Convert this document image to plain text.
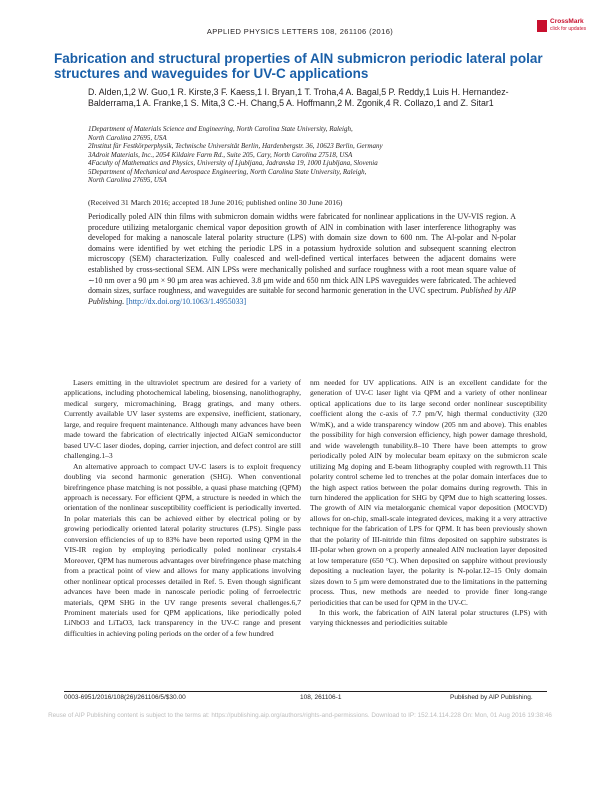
APPLIED PHYSICS LETTERS 108, 261106 (2016)
CrossMark
click for updates
Fabrication and structural properties of AlN submicron periodic lateral polar structures and waveguides for UV-C applications
D. Alden,1,2 W. Guo,1 R. Kirste,3 F. Kaess,1 I. Bryan,1 T. Troha,4 A. Bagal,5 P. Reddy,1 Luis H. Hernandez-Balderrama,1 A. Franke,1 S. Mita,3 C.-H. Chang,5 A. Hoffmann,2 M. Zgonik,4 R. Collazo,1 and Z. Sitar1
1Department of Materials Science and Engineering, North Carolina State University, Raleigh,
North Carolina 27695, USA
2Institut für Festkörperphysik, Technische Universität Berlin, Hardenbergstr. 36, 10623 Berlin, Germany
3Adroit Materials, Inc., 2054 Kildaire Farm Rd., Suite 205, Cary, North Carolina 27518, USA
4Faculty of Mathematics and Physics, University of Ljubljana, Jadranska 19, 1000 Ljubljana, Slovenia
5Department of Mechanical and Aerospace Engineering, North Carolina State University, Raleigh,
North Carolina 27695, USA
(Received 31 March 2016; accepted 18 June 2016; published online 30 June 2016)
Periodically poled AlN thin films with submicron domain widths were fabricated for nonlinear applications in the UV-VIS region. A procedure utilizing metalorganic chemical vapor deposition growth of AlN in combination with laser interference lithography was developed for making a nanoscale lateral polarity structure (LPS) with domain size down to 600 nm. The Al-polar and N-polar domains were identified by wet etching the periodic LPS in a potassium hydroxide solution and subsequent scanning electron microscopy (SEM) characterization. Fully coalesced and well-defined vertical interfaces between the adjacent domains were established by cross-sectional SEM. AlN LPSs were mechanically polished and surface roughness with a root mean square value of ∼10 nm over a 90 μm × 90 μm area was achieved. 3.8 μm wide and 650 nm thick AlN LPS waveguides were fabricated. The achieved domain sizes, surface roughness, and waveguides are suitable for second harmonic generation in the UVC spectrum. Published by AIP Publishing. [http://dx.doi.org/10.1063/1.4955033]

Lasers emitting in the ultraviolet spectrum are desired for a variety of applications, including photochemical labeling, biosensing, nanolithography, medical surgery, micromachining, Bragg gratings, and many others. Currently available UV laser systems are expensive, inefficient, stationary, large, and require frequent maintenance. Although many advances have been made toward the fabrication of electrically injected AlGaN semiconductor based UV-C laser diodes, doping, carrier injection, and defect control are still challenging.1–3

An alternative approach to compact UV-C lasers is to exploit frequency doubling via second harmonic generation (SHG). When conventional birefringence phase matching is not possible, a quasi phase matching (QPM) approach is necessary. For efficient QPM, a structure is needed in which the orientation of the nonlinear susceptibility coefficient is periodically inverted. In polar materials this can be achieved either by electrical poling or by growing periodically oriented lateral polarity structures (LPS). Single pass conversion efficiencies of up to 83% have been reported using QPM in the VIS-IR region by employing periodically poled nonlinear crystals.4 Moreover, QPM has numerous advantages over birefringence phase matching from a practical point of view and allows for many applications involving other nonlinear optical processes detailed in Ref. 5. Even though significant advances have been made in nanoscale periodic poling of ferroelectric materials, QPM SHG in the UV range presents several challenges.6,7 Prominent materials used for QPM applications, like periodically poled LiNbO3 and LiTaO3, lack transparency in the UV-C range and present difficulties in achieving poling periods on the order of a few hundred

nm needed for UV applications. AlN is an excellent candidate for the generation of UV-C laser light via QPM and a variety of other nonlinear optical applications due to its large second order nonlinear susceptibility coefficient along the c-axis of 7.7 pm/V, high thermal conductivity (320 W/mK), and a wide transparency window (205 nm and above). This enables the possibility for high conversion efficiency, high power damage threshold, and wide wavelength tunability.8–10 There have been attempts to grow periodically poled AlN by molecular beam epitaxy on the submicron scale utilizing Mg doping and E-beam lithography coupled with regrowth.11 This polarity control scheme led to trenches at the polar domain interfaces due to the high aspect ratios between the polar domains during regrowth. This in turn hindered the application for SHG by QPM due to high scattering losses. The growth of AlN via metalorganic chemical vapor deposition (MOCVD) allows for on-chip, small-scale integrated devices, making it a very attractive technique for the fabrication of LPS for QPM. It has been previously shown that the polarity of III-nitride thin films deposited on sapphire substrates is III-polar when grown on a properly annealed AlN nucleation layer deposited at low temperature (650 °C). When deposited on sapphire without previously depositing a nucleation layer, the polarity is N-polar.12–15 Only domain sizes down to 5 μm were demonstrated due to the limitations in the patterning process. Thus, new methods are needed to provide finer long-range periodicities that can be used for QPM in the UV-C.

In this work, the fabrication of AlN lateral polar structures (LPS) with varying thicknesses and periodicities suitable

0003-6951/2016/108(26)/261106/5/$30.00	108, 261106-1	Published by AIP Publishing.
Reuse of AIP Publishing content is subject to the terms at: https://publishing.aip.org/authors/rights-and-permissions. Download to IP: 152.14.114.228 On: Mon, 01 Aug 2016 19:38:46
